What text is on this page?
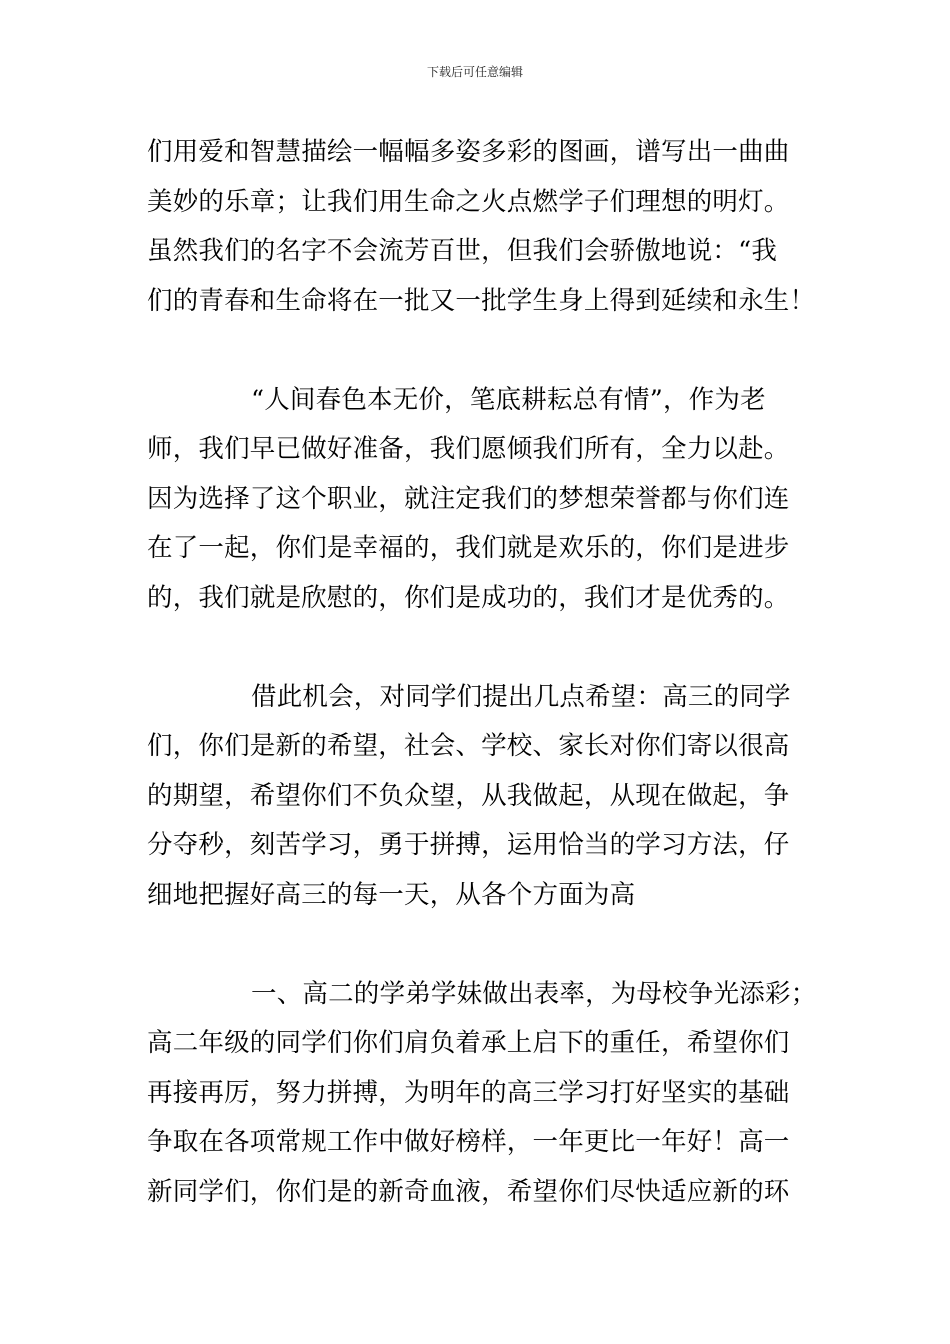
下载后可任意编辑
们用爱和智慧描绘一幅幅多姿多彩的图画，谱写出一曲曲
美妙的乐章；让我们用生命之火点燃学子们理想的明灯。
虽然我们的名字不会流芳百世，但我们会骄傲地说：“我
们的青春和生命将在一批又一批学生身上得到延续和永生！
“人间春色本无价，笔底耕耘总有情”，作为老
师，我们早已做好准备，我们愿倾我们所有，全力以赴。
因为选择了这个职业，就注定我们的梦想荣誉都与你们连
在了一起，你们是幸福的，我们就是欢乐的，你们是进步
的，我们就是欣慰的，你们是成功的，我们才是优秀的。
借此机会，对同学们提出几点希望：高三的同学
们，你们是新的希望，社会、学校、家长对你们寄以很高
的期望，希望你们不负众望，从我做起，从现在做起，争
分夺秒，刻苦学习，勇于拼搏，运用恰当的学习方法，仔
细地把握好高三的每一天，从各个方面为高
一、高二的学弟学妹做出表率，为母校争光添彩；
高二年级的同学们你们肩负着承上启下的重任，希望你们
再接再厉，努力拼搏，为明年的高三学习打好坚实的基础
争取在各项常规工作中做好榜样，一年更比一年好！高一
新同学们，你们是的新奇血液，希望你们尽快适应新的环
